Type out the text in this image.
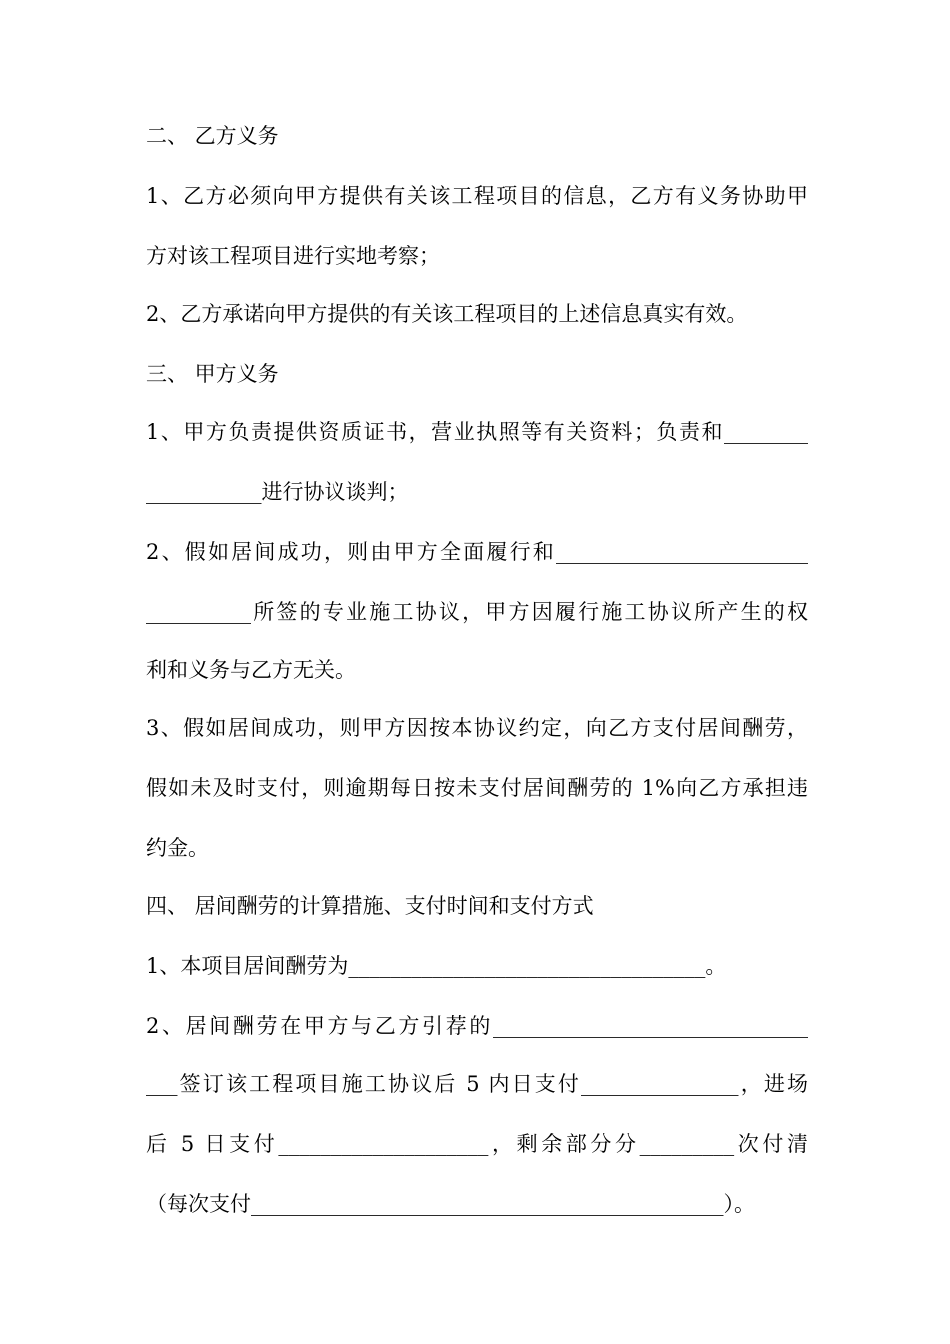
二、 乙方义务
1、乙方必须向甲方提供有关该工程项目的信息，乙方有义务协助甲
方对该工程项目进行实地考察；
2、乙方承诺向甲方提供的有关该工程项目的上述信息真实有效。
三、 甲方义务
1、甲方负责提供资质证书，营业执照等有关资料；负责和________
___________进行协议谈判；
2、假如居间成功，则由甲方全面履行和________________________
__________所签的专业施工协议，甲方因履行施工协议所产生的权
利和义务与乙方无关。
3、假如居间成功，则甲方因按本协议约定，向乙方支付居间酬劳，
假如未及时支付，则逾期每日按未支付居间酬劳的 1%向乙方承担违
约金。
四、 居间酬劳的计算措施、支付时间和支付方式
1、本项目居间酬劳为__________________________________。
2、居间酬劳在甲方与乙方引荐的______________________________
___签订该工程项目施工协议后 5 内日支付_______________，进场
后 5 日支付____________________，剩余部分分_________次付清
（每次支付_____________________________________________）。
